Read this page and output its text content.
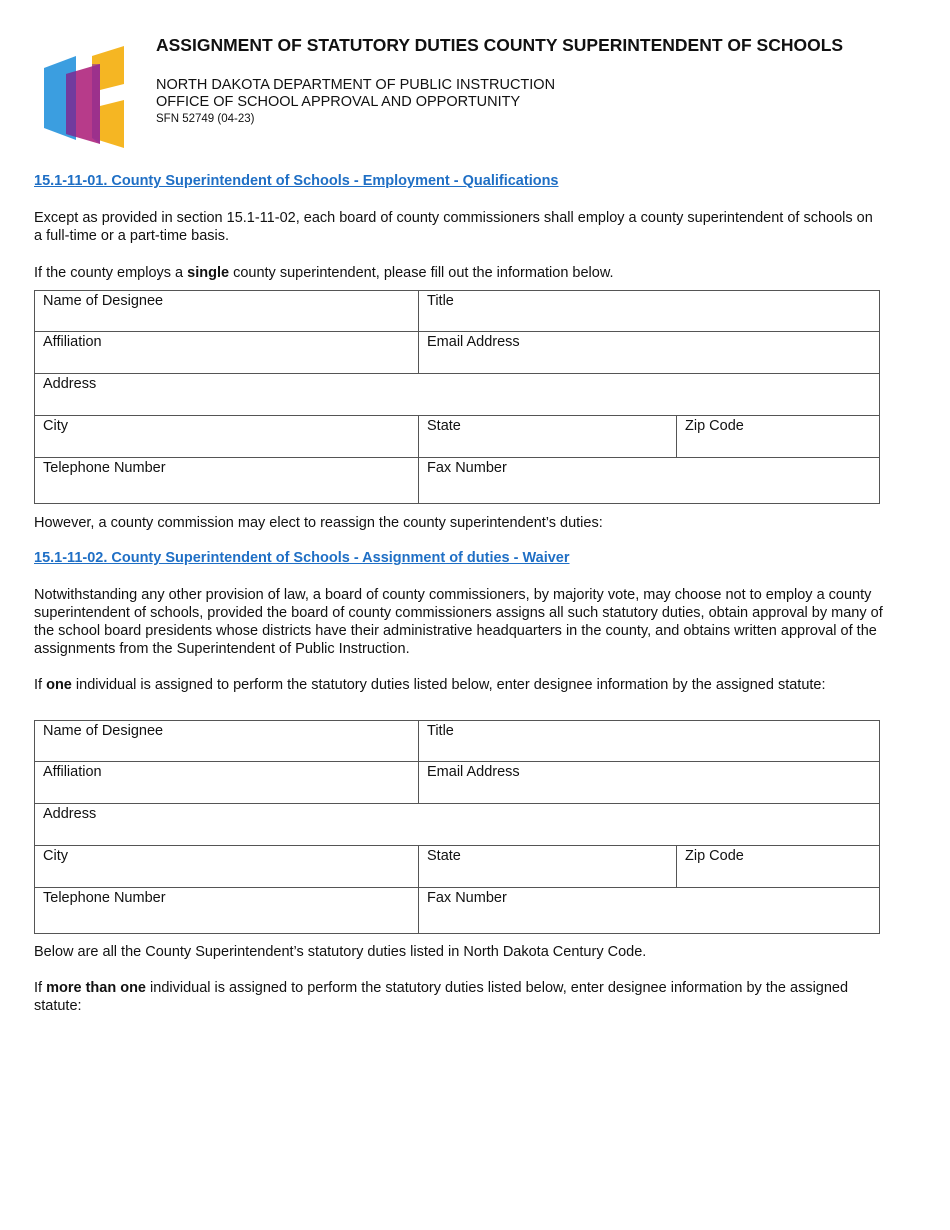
ASSIGNMENT OF STATUTORY DUTIES COUNTY SUPERINTENDENT OF SCHOOLS
NORTH DAKOTA DEPARTMENT OF PUBLIC INSTRUCTION
OFFICE OF SCHOOL APPROVAL AND OPPORTUNITY
SFN 52749 (04-23)
15.1-11-01. County Superintendent of Schools - Employment - Qualifications
Except as provided in section 15.1-11-02, each board of county commissioners shall employ a county superintendent of schools on a full-time or a part-time basis.
If the county employs a single county superintendent, please fill out the information below.
Name of Designee	Title	

Affiliation	Email Address	

Address		

City	State	Zip Code

Telephone Number	Fax Number	
However, a county commission may elect to reassign the county superintendent’s duties:
15.1-11-02. County Superintendent of Schools - Assignment of duties - Waiver
Notwithstanding any other provision of law, a board of county commissioners, by majority vote, may choose not to employ a county superintendent of schools, provided the board of county commissioners assigns all such statutory duties, obtain approval by many of the school board presidents whose districts have their administrative headquarters in the county, and obtains written approval of the assignments from the Superintendent of Public Instruction.
If one individual is assigned to perform the statutory duties listed below, enter designee information by the assigned statute:
Name of Designee	Title	

Affiliation	Email Address	

Address		

City	State	Zip Code

Telephone Number	Fax Number	
Below are all the County Superintendent’s statutory duties listed in North Dakota Century Code.
If more than one individual is assigned to perform the statutory duties listed below, enter designee information by the assigned statute:
